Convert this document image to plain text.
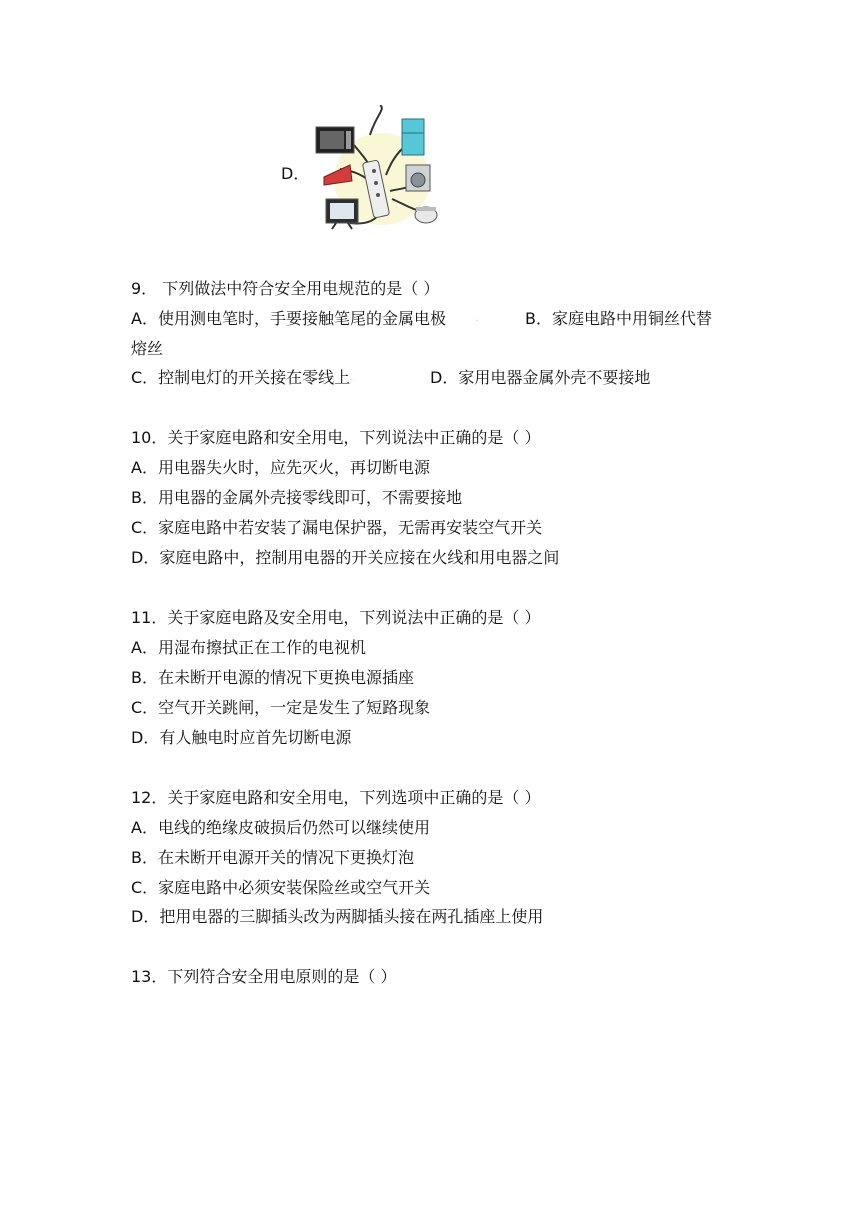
D．
9． 下列做法中符合安全用电规范的是（ ）
A．使用测电笔时，手要接触笔尾的金属电极	。	B．家庭电路中用铜丝代替
熔丝
C．控制电灯的开关接在零线上。	D．家用电器金属外壳不要接地
10．关于家庭电路和安全用电，下列说法中正确的是（ ）
A．用电器失火时，应先灭火，再切断电源
B．用电器的金属外壳接零线即可，不需要接地
C．家庭电路中若安装了漏电保护器，无需再安装空气开关
D．家庭电路中，控制用电器的开关应接在火线和用电器之间
11．关于家庭电路及安全用电，下列说法中正确的是（ ）
A．用湿布擦拭正在工作的电视机
B．在未断开电源的情况下更换电源插座
C．空气开关跳闸，一定是发生了短路现象
D．有人触电时应首先切断电源
12．关于家庭电路和安全用电，下列选项中正确的是（ ）
A．电线的绝缘皮破损后仍然可以继续使用
B．在未断开电源开关的情况下更换灯泡
C．家庭电路中必须安装保险丝或空气开关
D．把用电器的三脚插头改为两脚插头接在两孔插座上使用
13．下列符合安全用电原则的是（ ）
